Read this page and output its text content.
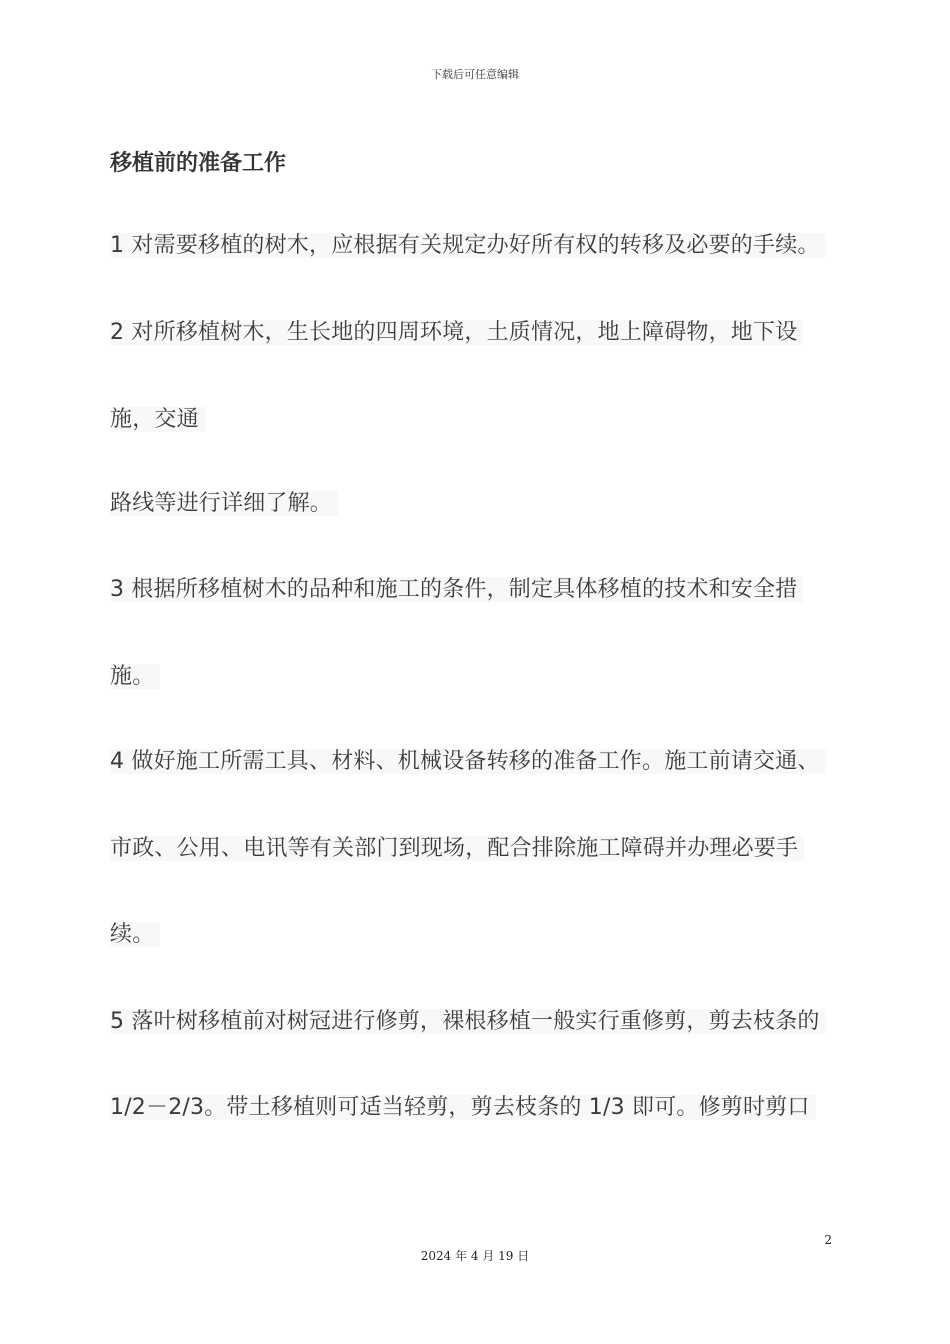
下载后可任意编辑
移植前的准备工作
1 对需要移植的树木，应根据有关规定办好所有权的转移及必要的手续。
2 对所移植树木，生长地的四周环境，土质情况，地上障碍物，地下设
施，交通
路线等进行详细了解。
3 根据所移植树木的品种和施工的条件，制定具体移植的技术和安全措
施。
4 做好施工所需工具、材料、机械设备转移的准备工作。施工前请交通、
市政、公用、电讯等有关部门到现场，配合排除施工障碍并办理必要手
续。
5 落叶树移植前对树冠进行修剪，裸根移植一般实行重修剪，剪去枝条的
1/2－2/3。带土移植则可适当轻剪，剪去枝条的 1/3 即可。修剪时剪口
2
2024 年 4 月 19 日
